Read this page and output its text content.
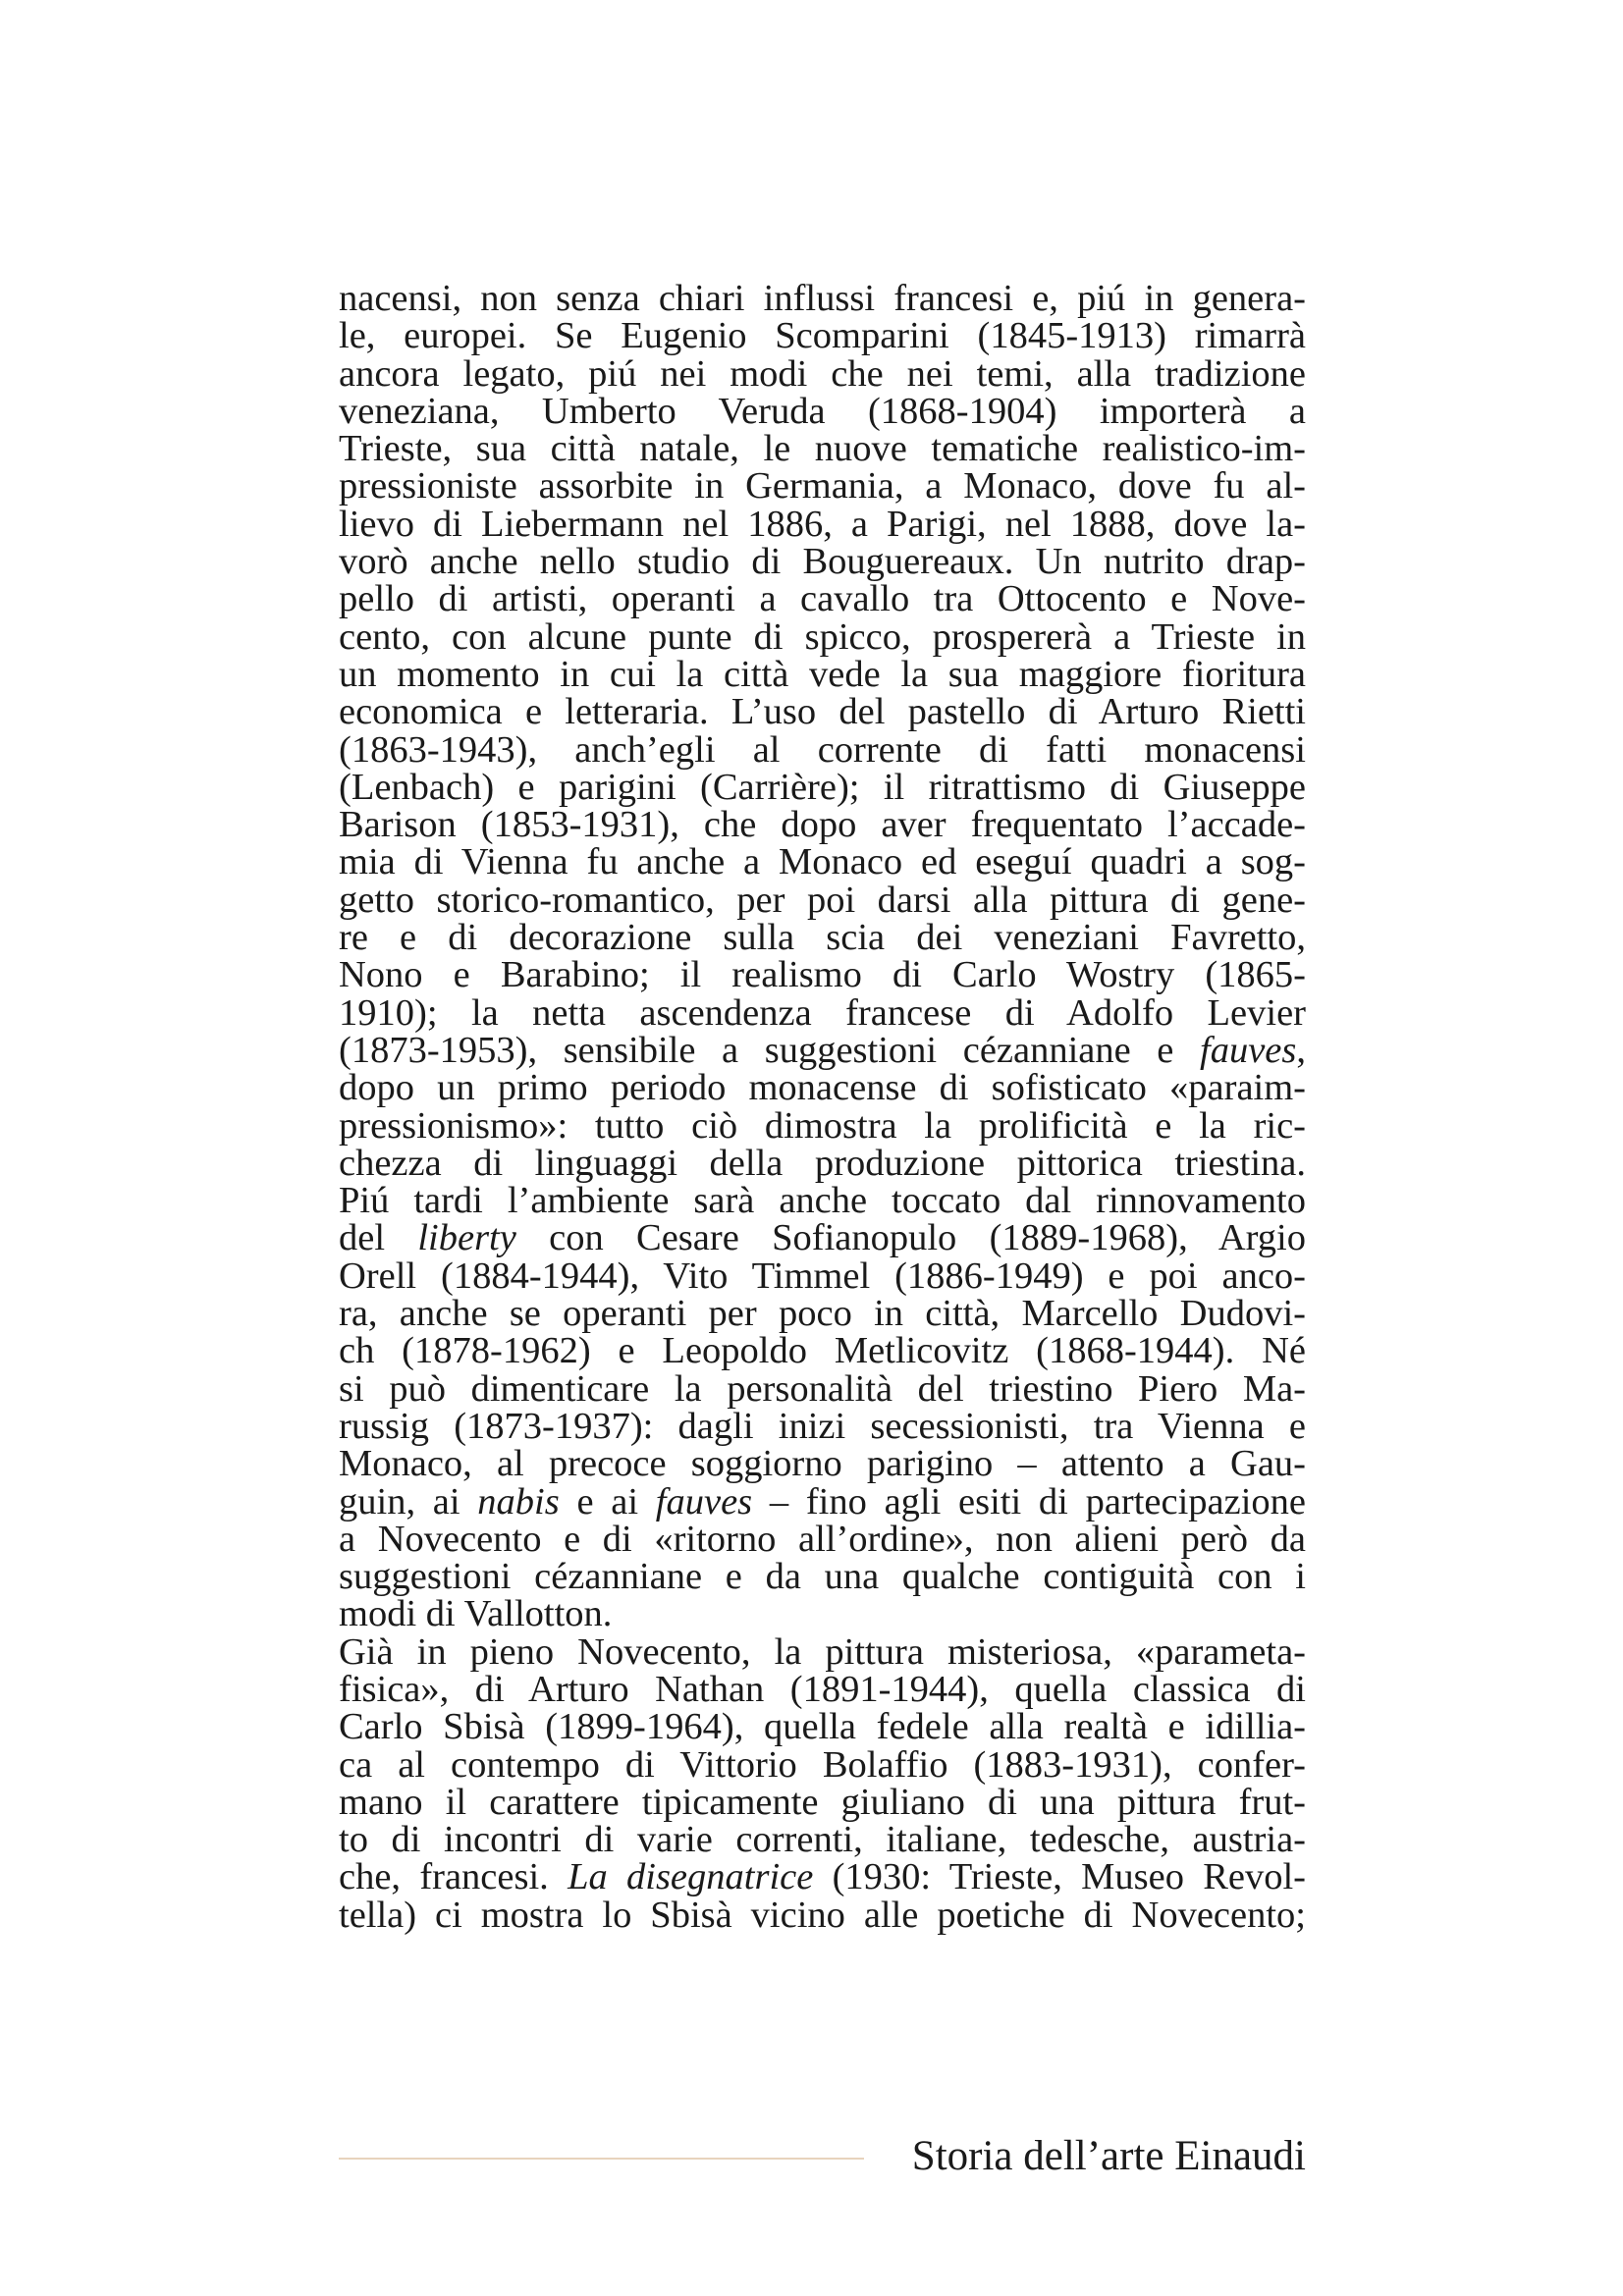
nacensi, non senza chiari influssi francesi e, piú in genera-
le, europei. Se Eugenio Scomparini (1845-1913) rimarrà
ancora legato, piú nei modi che nei temi, alla tradizione
veneziana, Umberto Veruda (1868-1904) importerà a
Trieste, sua città natale, le nuove tematiche realistico-im-
pressioniste assorbite in Germania, a Monaco, dove fu al-
lievo di Liebermann nel 1886, a Parigi, nel 1888, dove la-
vorò anche nello studio di Bouguereaux. Un nutrito drap-
pello di artisti, operanti a cavallo tra Ottocento e Nove-
cento, con alcune punte di spicco, prospererà a Trieste in
un momento in cui la città vede la sua maggiore fioritura
economica e letteraria. L’uso del pastello di Arturo Rietti
(1863-1943), anch’egli al corrente di fatti monacensi
(Lenbach) e parigini (Carrière); il ritrattismo di Giuseppe
Barison (1853-1931), che dopo aver frequentato l’accade-
mia di Vienna fu anche a Monaco ed eseguí quadri a sog-
getto storico-romantico, per poi darsi alla pittura di gene-
re e di decorazione sulla scia dei veneziani Favretto,
Nono e Barabino; il realismo di Carlo Wostry (1865-
1910); la netta ascendenza francese di Adolfo Levier
(1873-1953), sensibile a suggestioni cézanniane e fauves,
dopo un primo periodo monacense di sofisticato «paraim-
pressionismo»: tutto ciò dimostra la prolificità e la ric-
chezza di linguaggi della produzione pittorica triestina.
Piú tardi l’ambiente sarà anche toccato dal rinnovamento
del liberty con Cesare Sofianopulo (1889-1968), Argio
Orell (1884-1944), Vito Timmel (1886-1949) e poi anco-
ra, anche se operanti per poco in città, Marcello Dudovi-
ch (1878-1962) e Leopoldo Metlicovitz (1868-1944). Né
si può dimenticare la personalità del triestino Piero Ma-
russig (1873-1937): dagli inizi secessionisti, tra Vienna e
Monaco, al precoce soggiorno parigino – attento a Gau-
guin, ai nabis e ai fauves – fino agli esiti di partecipazione
a Novecento e di «ritorno all’ordine», non alieni però da
suggestioni cézanniane e da una qualche contiguità con i
modi di Vallotton.
Già in pieno Novecento, la pittura misteriosa, «parameta-
fisica», di Arturo Nathan (1891-1944), quella classica di
Carlo Sbisà (1899-1964), quella fedele alla realtà e idillia-
ca al contempo di Vittorio Bolaffio (1883-1931), confer-
mano il carattere tipicamente giuliano di una pittura frut-
to di incontri di varie correnti, italiane, tedesche, austria-
che, francesi. La disegnatrice (1930: Trieste, Museo Revol-
tella) ci mostra lo Sbisà vicino alle poetiche di Novecento;
Storia dell’arte Einaudi
